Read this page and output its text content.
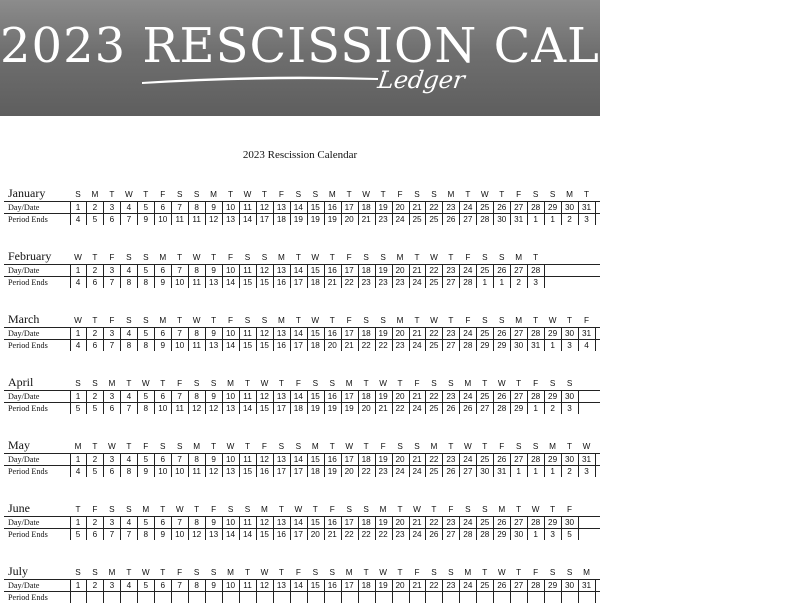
2023 RESCISSION CALENDAR
Ledger
2023 Rescission Calendar
January
Day/Date
Period Ends
S
1
4
M
2
5
T
3
6
W
4
7
T
5
9
F
6
10
S
7
11
S
8
11
M
9
12
T
10
13
W
11
14
T
12
17
F
13
18
S
14
19
S
15
19
M
16
19
T
17
20
W
18
21
T
19
23
F
20
24
S
21
25
S
22
25
M
23
26
T
24
27
W
25
28
T
26
30
F
27
31
S
28
1
S
29
1
M
30
2
T
31
3
February
Day/Date
Period Ends
W
1
4
T
2
6
F
3
7
S
4
8
S
5
8
M
6
9
T
7
10
W
8
11
T
9
13
F
10
14
S
11
15
S
12
15
M
13
16
T
14
17
W
15
18
T
16
21
F
17
22
S
18
23
S
19
23
M
20
23
T
21
24
W
22
25
T
23
27
F
24
28
S
25
1
S
26
1
M
27
2
T
28
3
March
Day/Date
Period Ends
W
1
4
T
2
6
F
3
7
S
4
8
S
5
8
M
6
9
T
7
10
W
8
11
T
9
13
F
10
14
S
11
15
S
12
15
M
13
16
T
14
17
W
15
18
T
16
20
F
17
21
S
18
22
S
19
22
M
20
23
T
21
24
W
22
25
T
23
27
F
24
28
S
25
29
S
26
29
M
27
30
T
28
31
W
29
1
T
30
3
F
31
4
April
Day/Date
Period Ends
S
1
5
S
2
5
M
3
6
T
4
7
W
5
8
T
6
10
F
7
11
S
8
12
S
9
12
M
10
13
T
11
14
W
12
15
T
13
17
F
14
18
S
15
19
S
16
19
M
17
19
T
18
20
W
19
21
T
20
22
F
21
24
S
22
25
S
23
26
M
24
26
T
25
27
W
26
28
T
27
29
F
28
1
S
29
2
S
30
3
May
Day/Date
Period Ends
M
1
4
T
2
5
W
3
6
T
4
8
F
5
9
S
6
10
S
7
10
M
8
11
T
9
12
W
10
13
T
11
15
F
12
16
S
13
17
S
14
17
M
15
18
T
16
19
W
17
20
T
18
22
F
19
23
S
20
24
S
21
24
M
22
25
T
23
26
W
24
27
T
25
30
F
26
31
S
27
1
S
28
1
M
29
1
T
30
2
W
31
3
June
Day/Date
Period Ends
T
1
5
F
2
6
S
3
7
S
4
7
M
5
8
T
6
9
W
7
10
T
8
12
F
9
13
S
10
14
S
11
14
M
12
15
T
13
16
W
14
17
T
15
20
F
16
21
S
17
22
S
18
22
M
19
22
T
20
23
W
21
24
T
22
26
F
23
27
S
24
28
S
25
28
M
26
29
T
27
30
W
28
1
T
29
3
F
30
5
July
Day/Date
Period Ends
S
1
S
2
M
3
T
4
W
5
T
6
F
7
S
8
S
9
M
10
T
11
W
12
T
13
F
14
S
15
S
16
M
17
T
18
W
19
T
20
F
21
S
22
S
23
M
24
T
25
W
26
T
27
F
28
S
29
S
30
M
31
